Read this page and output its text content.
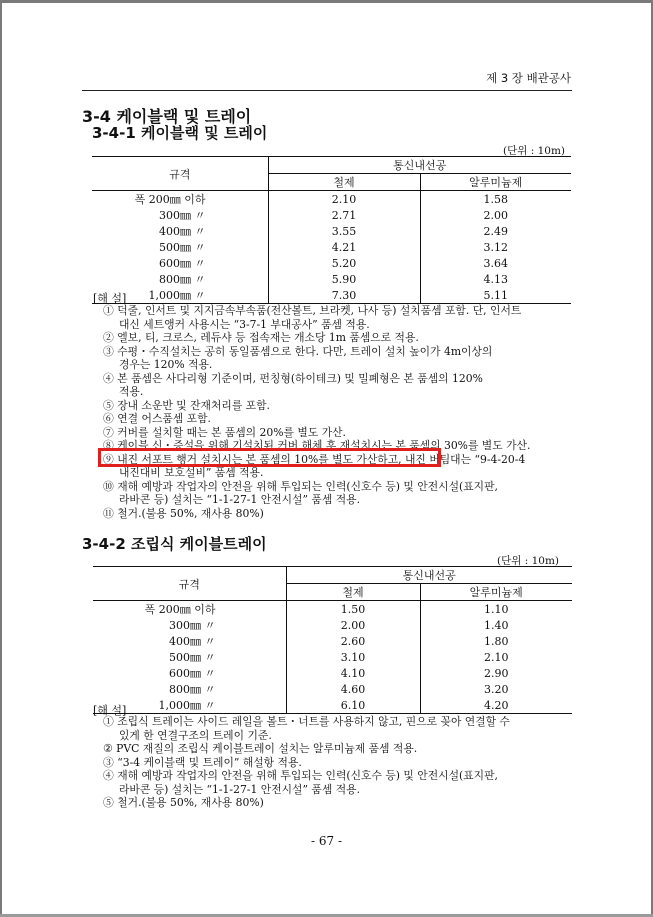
제 3 장 배관공사
3-4 케이블랙 및 트레이
3-4-1 케이블랙 및 트레이
(단위 : 10m)
규격	통신내선공	
	철제	알루미늄제
폭 200㎜ 이하	2.10	1.58
300㎜ 〃	2.71	2.00
400㎜ 〃	3.55	2.49
500㎜ 〃	4.21	3.12
600㎜ 〃	5.20	3.64
800㎜ 〃	5.90	4.13
1,000㎜ 〃	7.30	5.11
[해 설]
① 덕줄, 인서트 및 지지금속부속품(전산볼트, 브라켓, 나사 등) 설치품셈 포함. 단, 인서트
대신 세트앵커 사용시는 “3-7-1 부대공사” 품셈 적용.
② 엘보, 티, 크로스, 레듀샤 등 접속재는 개소당 1m 품셈으로 적용.
③ 수평・수직설치는 공히 동일품셈으로 한다. 다만, 트레이 설치 높이가 4m이상의
경우는 120% 적용.
④ 본 품셈은 사다리형 기준이며, 펀칭형(하이테크) 및 밀폐형은 본 품셈의 120%
적용.
⑤ 장내 소운반 및 잔재처리를 포함.
⑥ 연결 어스품셈 포함.
⑦ 커버를 설치할 때는 본 품셈의 20%를 별도 가산.
⑧ 케이블 신・증설을 위해 기설치된 커버 해체 후 재설치시는 본 품셈의 30%를 별도 가산.
⑨ 내진 서포트 행거 설치시는 본 품셈의 10%를 별도 가산하고, 내진 버팀대는 “9-4-20-4
내진대비 보호설비” 품셈 적용.
⑩ 재해 예방과 작업자의 안전을 위해 투입되는 인력(신호수 등) 및 안전시설(표지판,
라바콘 등) 설치는 “1-1-27-1 안전시설” 품셈 적용.
⑪ 철거.(불용 50%, 재사용 80%)
3-4-2 조립식 케이블트레이
(단위 : 10m)
규격	통신내선공	
	철제	알루미늄제
폭 200㎜ 이하	1.50	1.10
300㎜ 〃	2.00	1.40
400㎜ 〃	2.60	1.80
500㎜ 〃	3.10	2.10
600㎜ 〃	4.10	2.90
800㎜ 〃	4.60	3.20
1,000㎜ 〃	6.10	4.20
[해 설]
① 조립식 트레이는 사이드 레일을 볼트・너트를 사용하지 않고, 핀으로 꽂아 연결할 수
있게 한 연결구조의 트레이 기준.
② PVC 재질의 조립식 케이블트레이 설치는 알루미늄제 품셈 적용.
③ “3-4 케이블랙 및 트레이” 해설항 적용.
④ 재해 예방과 작업자의 안전을 위해 투입되는 인력(신호수 등) 및 안전시설(표지판,
라바콘 등) 설치는 “1-1-27-1 안전시설” 품셈 적용.
⑤ 철거.(불용 50%, 재사용 80%)
- 67 -
